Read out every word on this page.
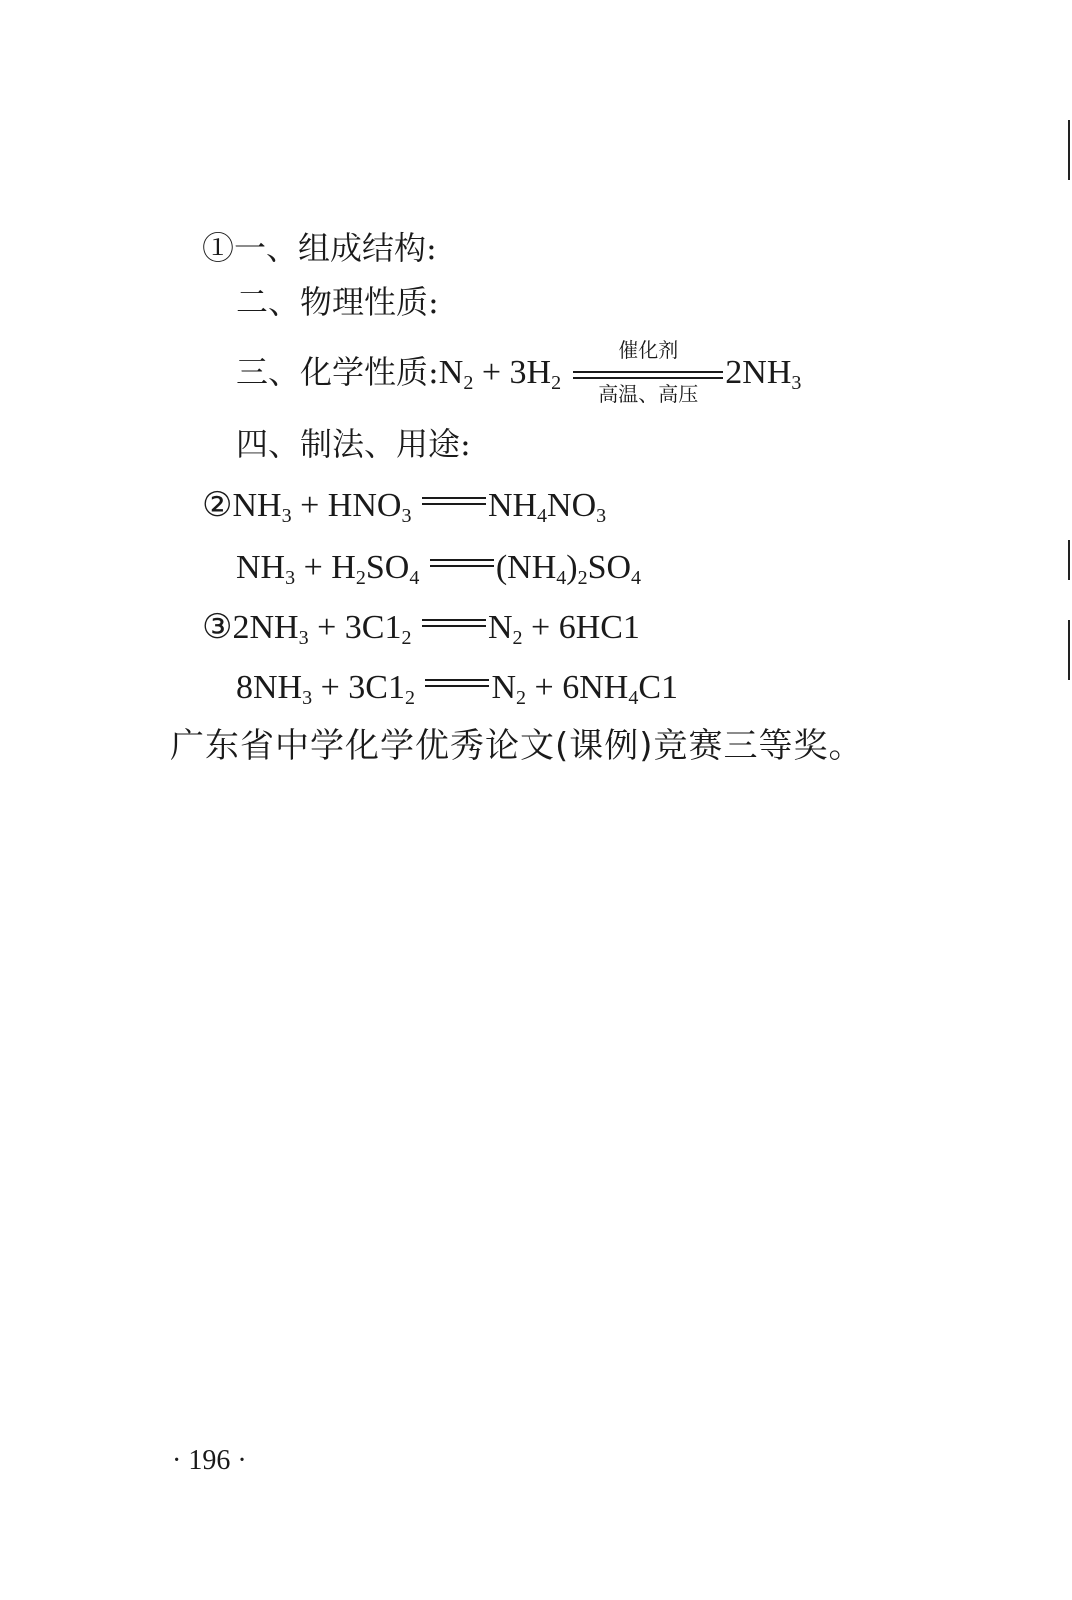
①一、组成结构:
二、物理性质:
三、化学性质$:N_2 + 3H_2$
催化剂
高温、高压
$2NH_3$
四、制法、用途:
$②NH_3 + HNO_3$ $NH_4NO_3$
$NH_3 + H_2SO_4$ $(NH_4)_2SO_4$
$③2NH_3 + 3C1_2$ $N_2 + 6HC1$
$8NH_3 + 3C1_2$ $N_2 + 6NH_4C1$
广东省中学化学优秀论文(课例)竞赛三等奖。
· 196 ·
